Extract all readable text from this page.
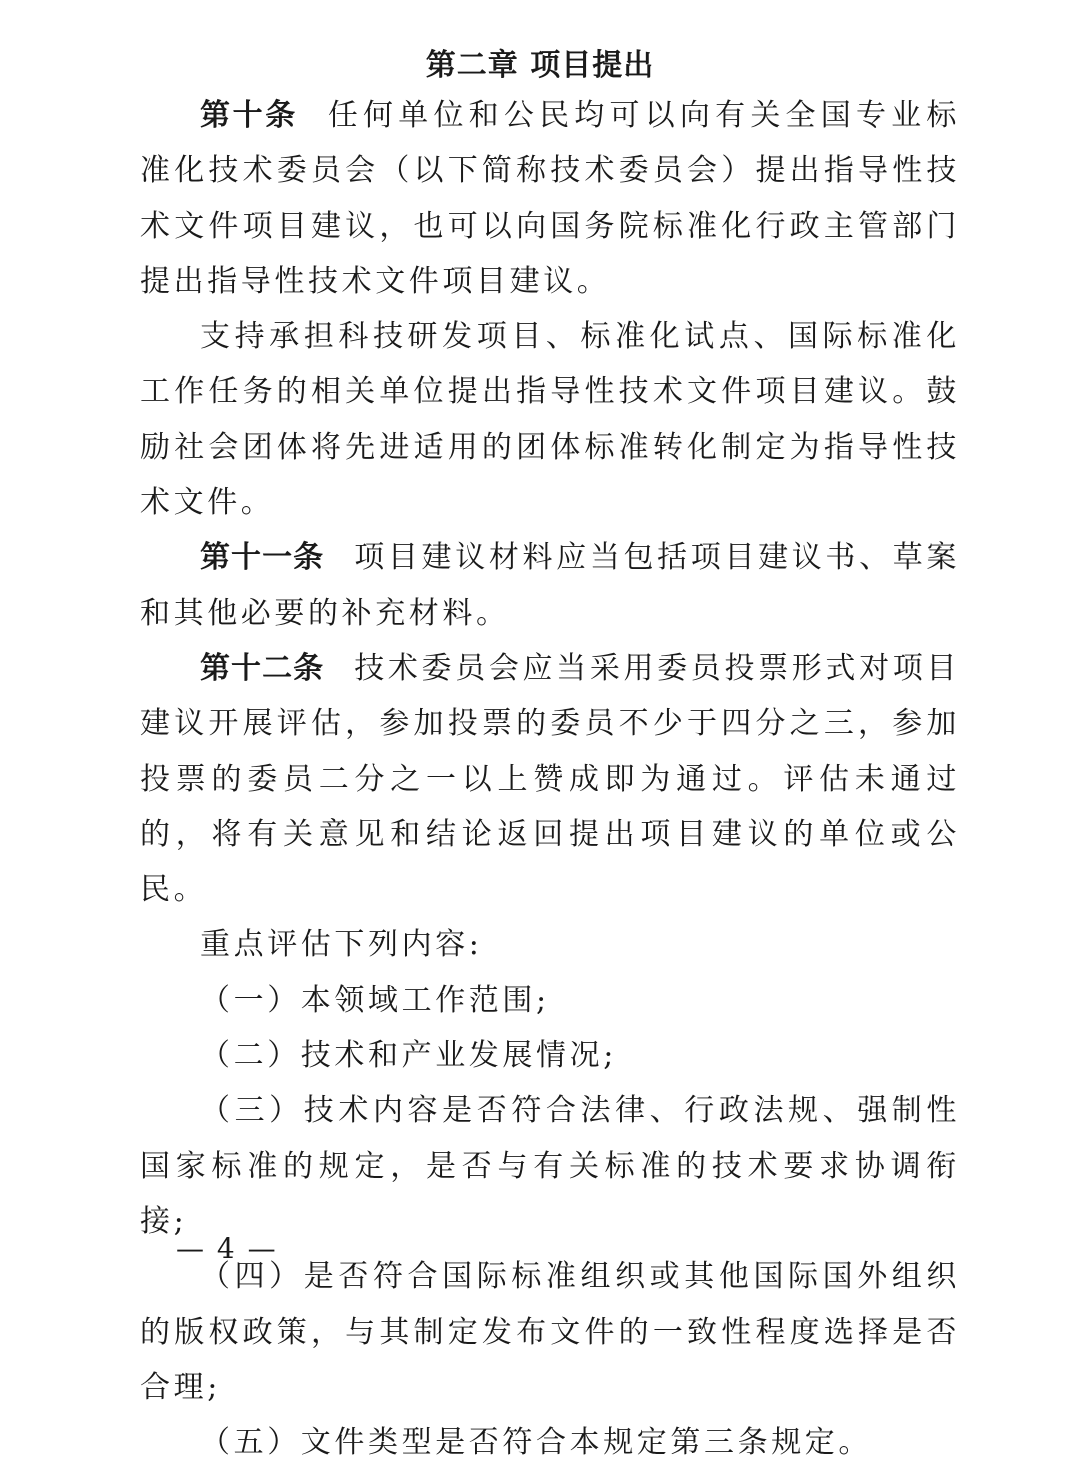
第二章 项目提出

第十条 任何单位和公民均可以向有关全国专业标准化技术委员会（以下简称技术委员会）提出指导性技术文件项目建议，也可以向国务院标准化行政主管部门提出指导性技术文件项目建议。

支持承担科技研发项目、标准化试点、国际标准化工作任务的相关单位提出指导性技术文件项目建议。鼓励社会团体将先进适用的团体标准转化制定为指导性技术文件。

第十一条 项目建议材料应当包括项目建议书、草案和其他必要的补充材料。

第十二条 技术委员会应当采用委员投票形式对项目建议开展评估，参加投票的委员不少于四分之三，参加投票的委员二分之一以上赞成即为通过。评估未通过的，将有关意见和结论返回提出项目建议的单位或公民。

重点评估下列内容:

（一）本领域工作范围;

（二）技术和产业发展情况;

（三）技术内容是否符合法律、行政法规、强制性国家标准的规定，是否与有关标准的技术要求协调衔接;

（四）是否符合国际标准组织或其他国际国外组织的版权政策，与其制定发布文件的一致性程度选择是否合理;

（五）文件类型是否符合本规定第三条规定。

— 4 —
